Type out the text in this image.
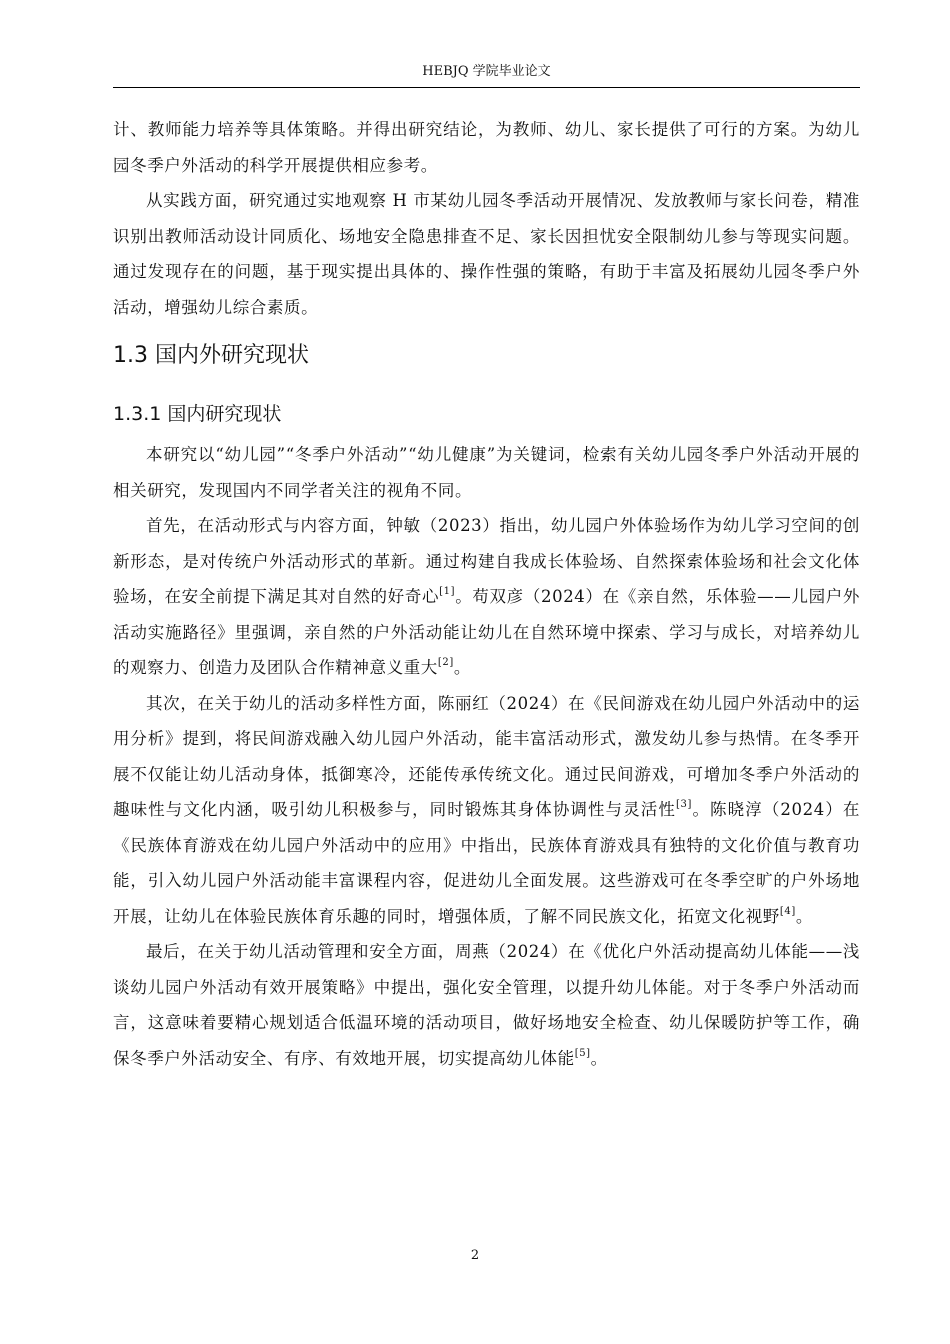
HEBJQ 学院毕业论文

计、教师能力培养等具体策略。并得出研究结论，为教师、幼儿、家长提供了可行的方案。为幼儿园冬季户外活动的科学开展提供相应参考。

从实践方面，研究通过实地观察 H 市某幼儿园冬季活动开展情况、发放教师与家长问卷，精准识别出教师活动设计同质化、场地安全隐患排查不足、家长因担忧安全限制幼儿参与等现实问题。通过发现存在的问题，基于现实提出具体的、操作性强的策略，有助于丰富及拓展幼儿园冬季户外活动，增强幼儿综合素质。

1.3 国内外研究现状
1.3.1 国内研究现状

本研究以“幼儿园”“冬季户外活动”“幼儿健康”为关键词，检索有关幼儿园冬季户外活动开展的相关研究，发现国内不同学者关注的视角不同。

首先，在活动形式与内容方面，钟敏（2023）指出，幼儿园户外体验场作为幼儿学习空间的创新形态，是对传统户外活动形式的革新。通过构建自我成长体验场、自然探索体验场和社会文化体验场，在安全前提下满足其对自然的好奇心[1]。苟双彦（2024）在《亲自然，乐体验——儿园户外活动实施路径》里强调，亲自然的户外活动能让幼儿在自然环境中探索、学习与成长，对培养幼儿的观察力、创造力及团队合作精神意义重大[2]。

其次，在关于幼儿的活动多样性方面，陈丽红（2024）在《民间游戏在幼儿园户外活动中的运用分析》提到，将民间游戏融入幼儿园户外活动，能丰富活动形式，激发幼儿参与热情。在冬季开展不仅能让幼儿活动身体，抵御寒冷，还能传承传统文化。通过民间游戏，可增加冬季户外活动的趣味性与文化内涵，吸引幼儿积极参与，同时锻炼其身体协调性与灵活性[3]。陈晓淳（2024）在《民族体育游戏在幼儿园户外活动中的应用》中指出，民族体育游戏具有独特的文化价值与教育功能，引入幼儿园户外活动能丰富课程内容，促进幼儿全面发展。这些游戏可在冬季空旷的户外场地开展，让幼儿在体验民族体育乐趣的同时，增强体质，了解不同民族文化，拓宽文化视野[4]。

最后，在关于幼儿活动管理和安全方面，周燕（2024）在《优化户外活动提高幼儿体能——浅谈幼儿园户外活动有效开展策略》中提出，强化安全管理，以提升幼儿体能。对于冬季户外活动而言，这意味着要精心规划适合低温环境的活动项目，做好场地安全检查、幼儿保暖防护等工作，确保冬季户外活动安全、有序、有效地开展，切实提高幼儿体能[5]。

2
